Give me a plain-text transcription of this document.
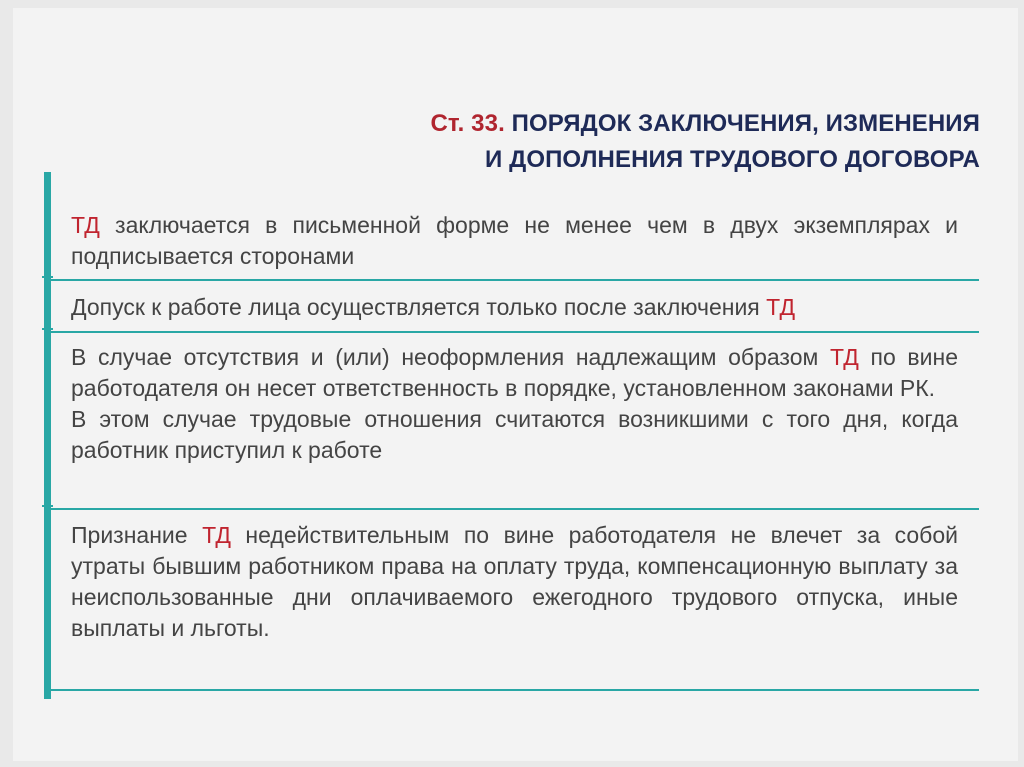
Ст. 33. ПОРЯДОК ЗАКЛЮЧЕНИЯ, ИЗМЕНЕНИЯ
И ДОПОЛНЕНИЯ ТРУДОВОГО ДОГОВОРА

ТД заключается в письменной форме не менее чем в двух экземплярах и подписывается сторонами

Допуск к работе лица осуществляется только после заключения ТД

В случае отсутствия и (или) неоформления надлежащим образом ТД по вине работодателя он несет ответственность в порядке, установленном законами РК.

В этом случае трудовые отношения считаются возникшими с того дня, когда работник приступил к работе

Признание ТД недействительным по вине работодателя не влечет за собой утраты бывшим работником права на оплату труда, компенсационную выплату за неиспользованные дни оплачиваемого ежегодного трудового отпуска, иные выплаты и льготы.
